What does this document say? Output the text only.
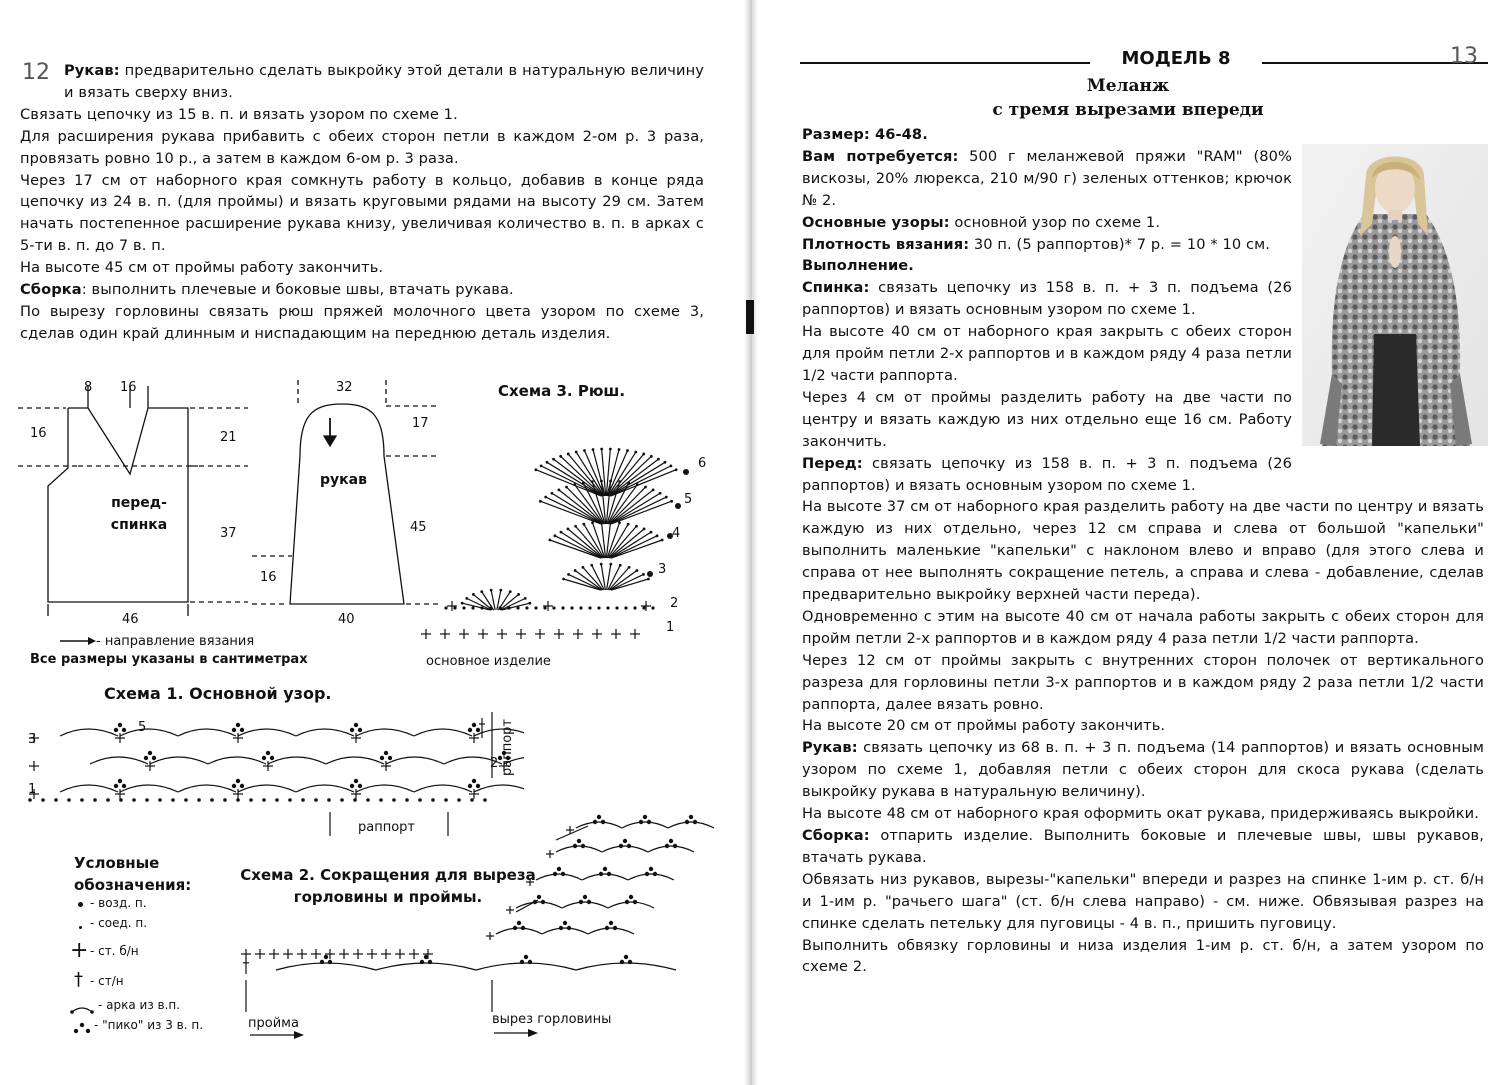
12 Рукав: предварительно сделать выкройку этой детали в натуральную величину и вязать сверху вниз.

Связать цепочку из 15 в. п. и вязать узором по схеме 1.

Для расширения рукава прибавить с обеих сторон петли в каждом 2-ом р. 3 раза, провязать ровно 10 р., а затем в каждом 6-ом р. 3 раза.

Через 17 см от наборного края сомкнуть работу в кольцо, добавив в конце ряда цепочку из 24 в. п. (для проймы) и вязать круговыми рядами на высоту 29 см. Затем начать постепенное расширение рукава книзу, увеличивая количество в. п. в арках с 5-ти в. п. до 7 в. п.

На высоте 45 см от проймы работу закончить.

Сборка: выполнить плечевые и боковые швы, втачать рукава.

По вырезу горловины связать рюш пряжей молочного цвета узором по схеме 3, сделав один край длинным и ниспадающим на переднюю деталь изделия.

8 16
16	21
37
46
перед-спинка
32
17
45
16
40
рукав
- направление вязания
Все размеры указаны в сантиметрах
Схема 3. Рюш.
1
2
3
4
5
6
основное изделие
Схема 1. Основной узор.
раппорт
раппорт
5
3
2
1
Условные обозначения:
- возд. п.
- соед. п.
+ - ст. б/н
† - ст/н
- арка из в.п.
- "пико" из 3 в. п.
Схема 2. Сокращения для выреза горловины и проймы.
пройма	вырез горловины
МОДЕЛЬ 8	13
Меланж
с тремя вырезами впереди

Размер: 46-48.

Вам потребуется: 500 г меланжевой пряжи "RAM" (80% вискозы, 20% люрекса, 210 м/90 г) зеленых оттенков; крючок № 2.

Основные узоры: основной узор по схеме 1.

Плотность вязания: 30 п. (5 раппортов)* 7 р. = 10 * 10 см.

Выполнение.

Спинка: связать цепочку из 158 в. п. + 3 п. подъема (26 раппортов) и вязать основным узором по схеме 1.

На высоте 40 см от наборного края закрыть с обеих сторон для пройм петли 2-х раппортов и в каждом ряду 4 раза петли 1/2 части раппорта.

Через 4 см от проймы разделить работу на две части по центру и вязать каждую из них отдельно еще 16 см. Работу закончить.

Перед: связать цепочку из 158 в. п. + 3 п. подъема (26 раппортов) и вязать основным узором по схеме 1.

На высоте 37 см от наборного края разделить работу на две части по центру и вязать каждую из них отдельно, через 12 см справа и слева от большой "капельки" выполнить маленькие "капельки" с наклоном влево и вправо (для этого слева и справа от нее выполнять сокращение петель, а справа и слева - добавление, сделав предварительно выкройку верхней части переда).

Одновременно с этим на высоте 40 см от начала работы закрыть с обеих сторон для пройм петли 2-х раппортов и в каждом ряду 4 раза петли 1/2 части раппорта.

Через 12 см от проймы закрыть с внутренних сторон полочек от вертикального разреза для горловины петли 3-х раппортов и в каждом ряду 2 раза петли 1/2 части раппорта, далее вязать ровно.

На высоте 20 см от проймы работу закончить.

Рукав: связать цепочку из 68 в. п. + 3 п. подъема (14 раппортов) и вязать основным узором по схеме 1, добавляя петли с обеих сторон для скоса рукава (сделать выкройку рукава в натуральную величину).

На высоте 48 см от наборного края оформить окат рукава, придерживаясь выкройки.

Сборка: отпарить изделие. Выполнить боковые и плечевые швы, швы рукавов, втачать рукава.

Обвязать низ рукавов, вырезы-"капельки" впереди и разрез на спинке 1-им р. ст. б/н и 1-им р. "рачьего шага" (ст. б/н слева направо) - см. ниже. Обвязывая разрез на спинке сделать петельку для пуговицы - 4 в. п., пришить пуговицу.

Выполнить обвязку горловины и низа изделия 1-им р. ст. б/н, а затем узором по схеме 2.
